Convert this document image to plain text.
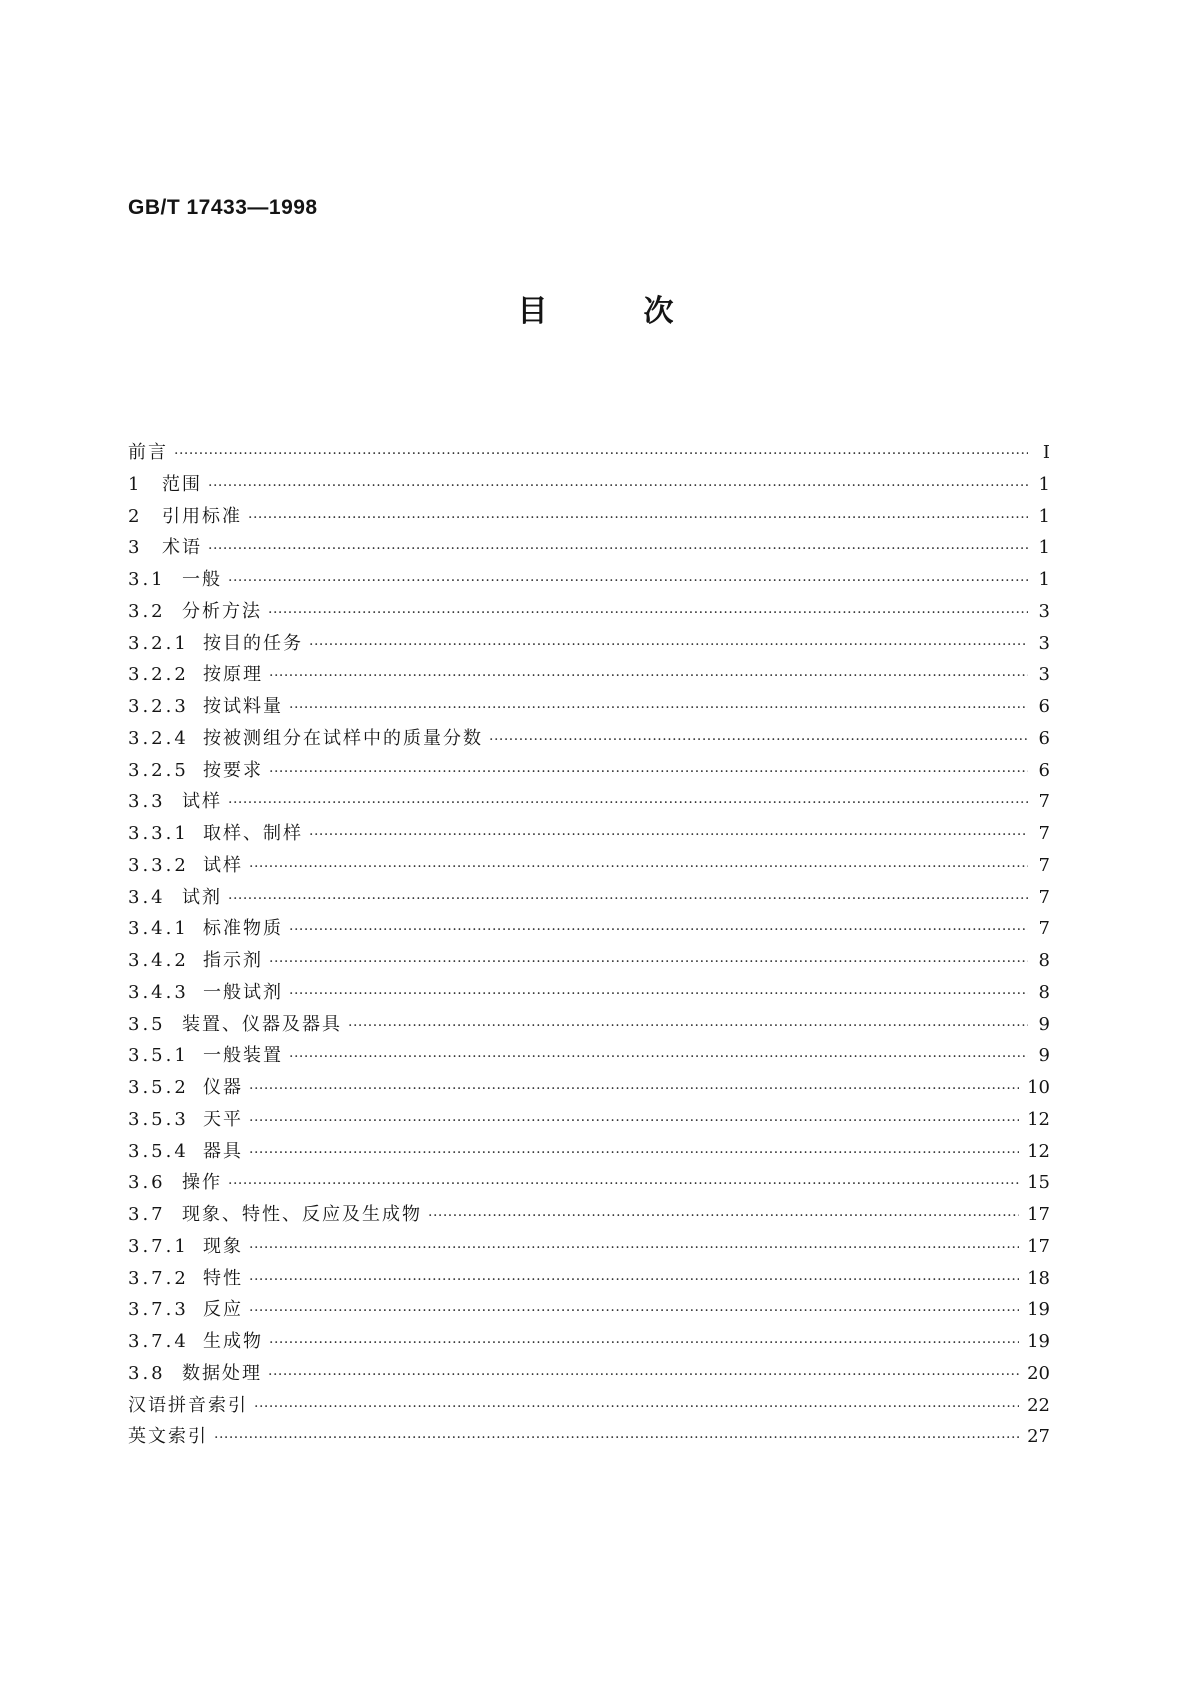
GB/T 17433—1998
目次
前言 ·····	I
1	范围 ·····	1
2	引用标准 ·····	1
3	术语 ·····	1
3.1 一般 ·····	1
3.2 分析方法 ·····	3
3.2.1 按目的任务 ·····	3
3.2.2 按原理 ·····	3
3.2.3 按试料量 ·····	6
3.2.4 按被测组分在试样中的质量分数 ·····	6
3.2.5 按要求 ·····	6
3.3 试样 ·····	7
3.3.1 取样、制样 ·····	7
3.3.2 试样 ·····	7
3.4 试剂 ·····	7
3.4.1 标准物质 ·····	7
3.4.2 指示剂 ·····	8
3.4.3 一般试剂 ·····	8
3.5 装置、仪器及器具 ·····	9
3.5.1 一般装置 ·····	9
3.5.2 仪器 ·····	10
3.5.3 天平 ·····	12
3.5.4 器具 ·····	12
3.6 操作 ·····	15
3.7 现象、特性、反应及生成物 ·····	17
3.7.1 现象 ·····	17
3.7.2 特性 ·····	18
3.7.3 反应 ·····	19
3.7.4 生成物 ·····	19
3.8 数据处理 ·····	20
汉语拼音索引 ·····	22
英文索引 ·····	27
